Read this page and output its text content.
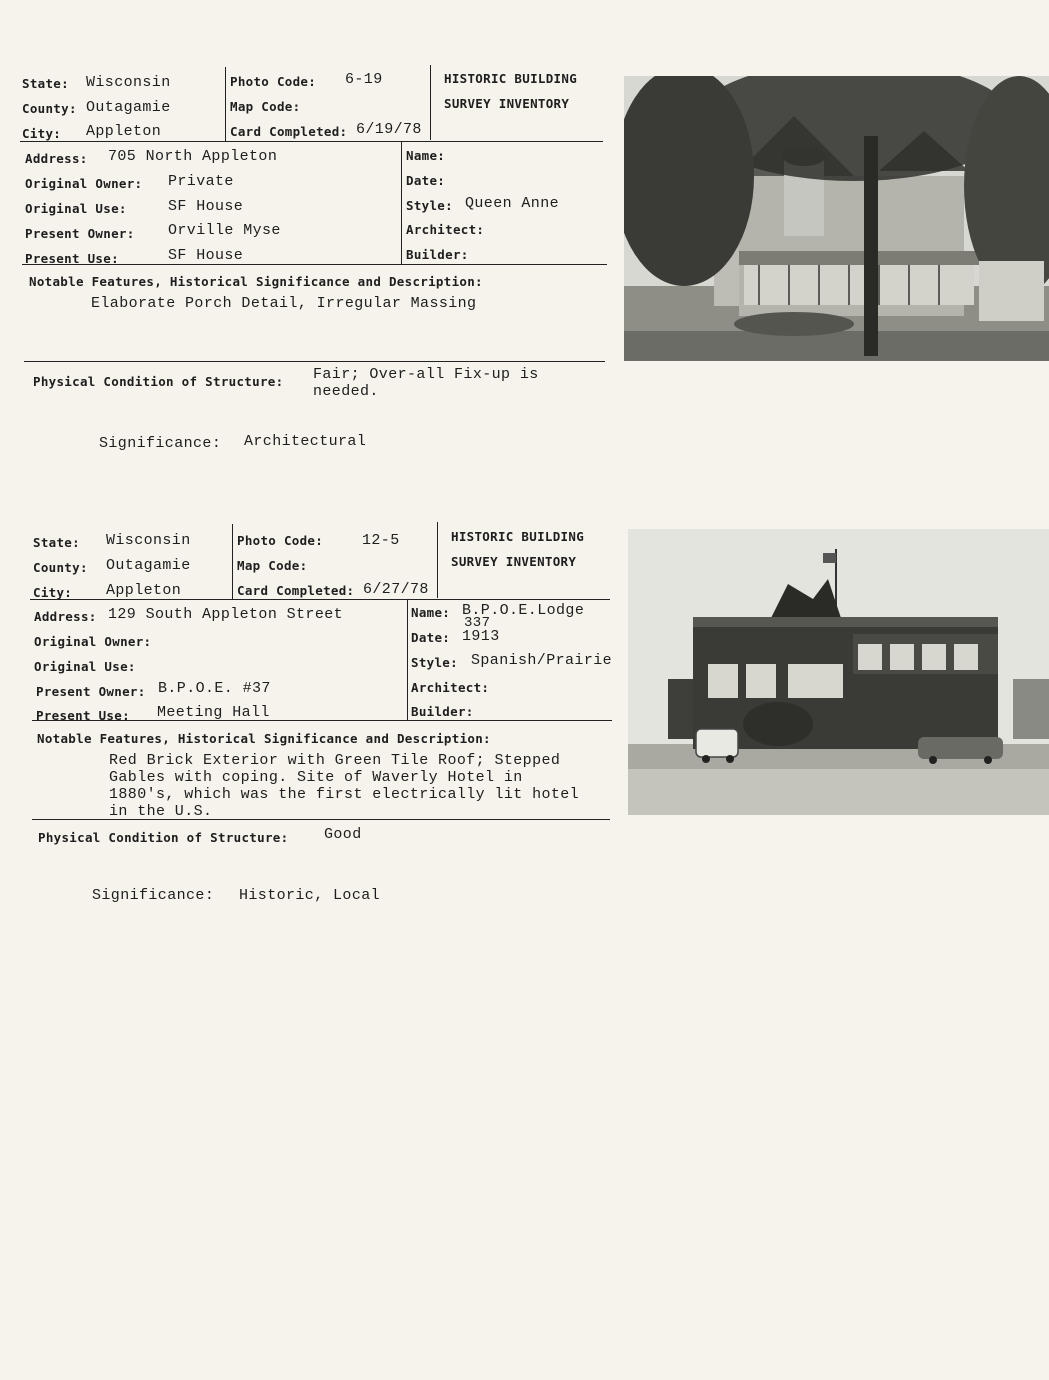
State: Wisconsin
County: Outagamie
City: Appleton
Photo Code: 6-19
Map Code:
Card Completed: 6/19/78
HISTORIC BUILDING
SURVEY INVENTORY
Address: 705 North Appleton
Original Owner: Private
Original Use:	SF House
Present Owner: Orville Myse
Present Use:	SF House
Name:
Date:
Style: Queen Anne
Architect:
Builder:
Notable Features, Historical Significance and Description:
Elaborate Porch Detail, Irregular Massing
Physical Condition of Structure: Fair; Over-all Fix-up is
needed.
Significance: Architectural
State: Wisconsin
County: Outagamie
City: Appleton
Photo Code:	12-5
Map Code:
Card Completed: 6/27/78
HISTORIC BUILDING
SURVEY INVENTORY
Address: 129 South Appleton Street
Original Owner:
Original Use:
Present Owner: B.P.O.E. #37
Present Use: Meeting Hall
Name: B.P.O.E.Lodge
337
Date: 1913
Style: Spanish/Prairie
Architect:
Builder:
Notable Features, Historical Significance and Description:
Red Brick Exterior with Green Tile Roof; Stepped
Gables with coping. Site of Waverly Hotel in
1880's, which was the first electrically lit hotel
in the U.S.
Physical Condition of Structure: Good
Significance: Historic, Local
